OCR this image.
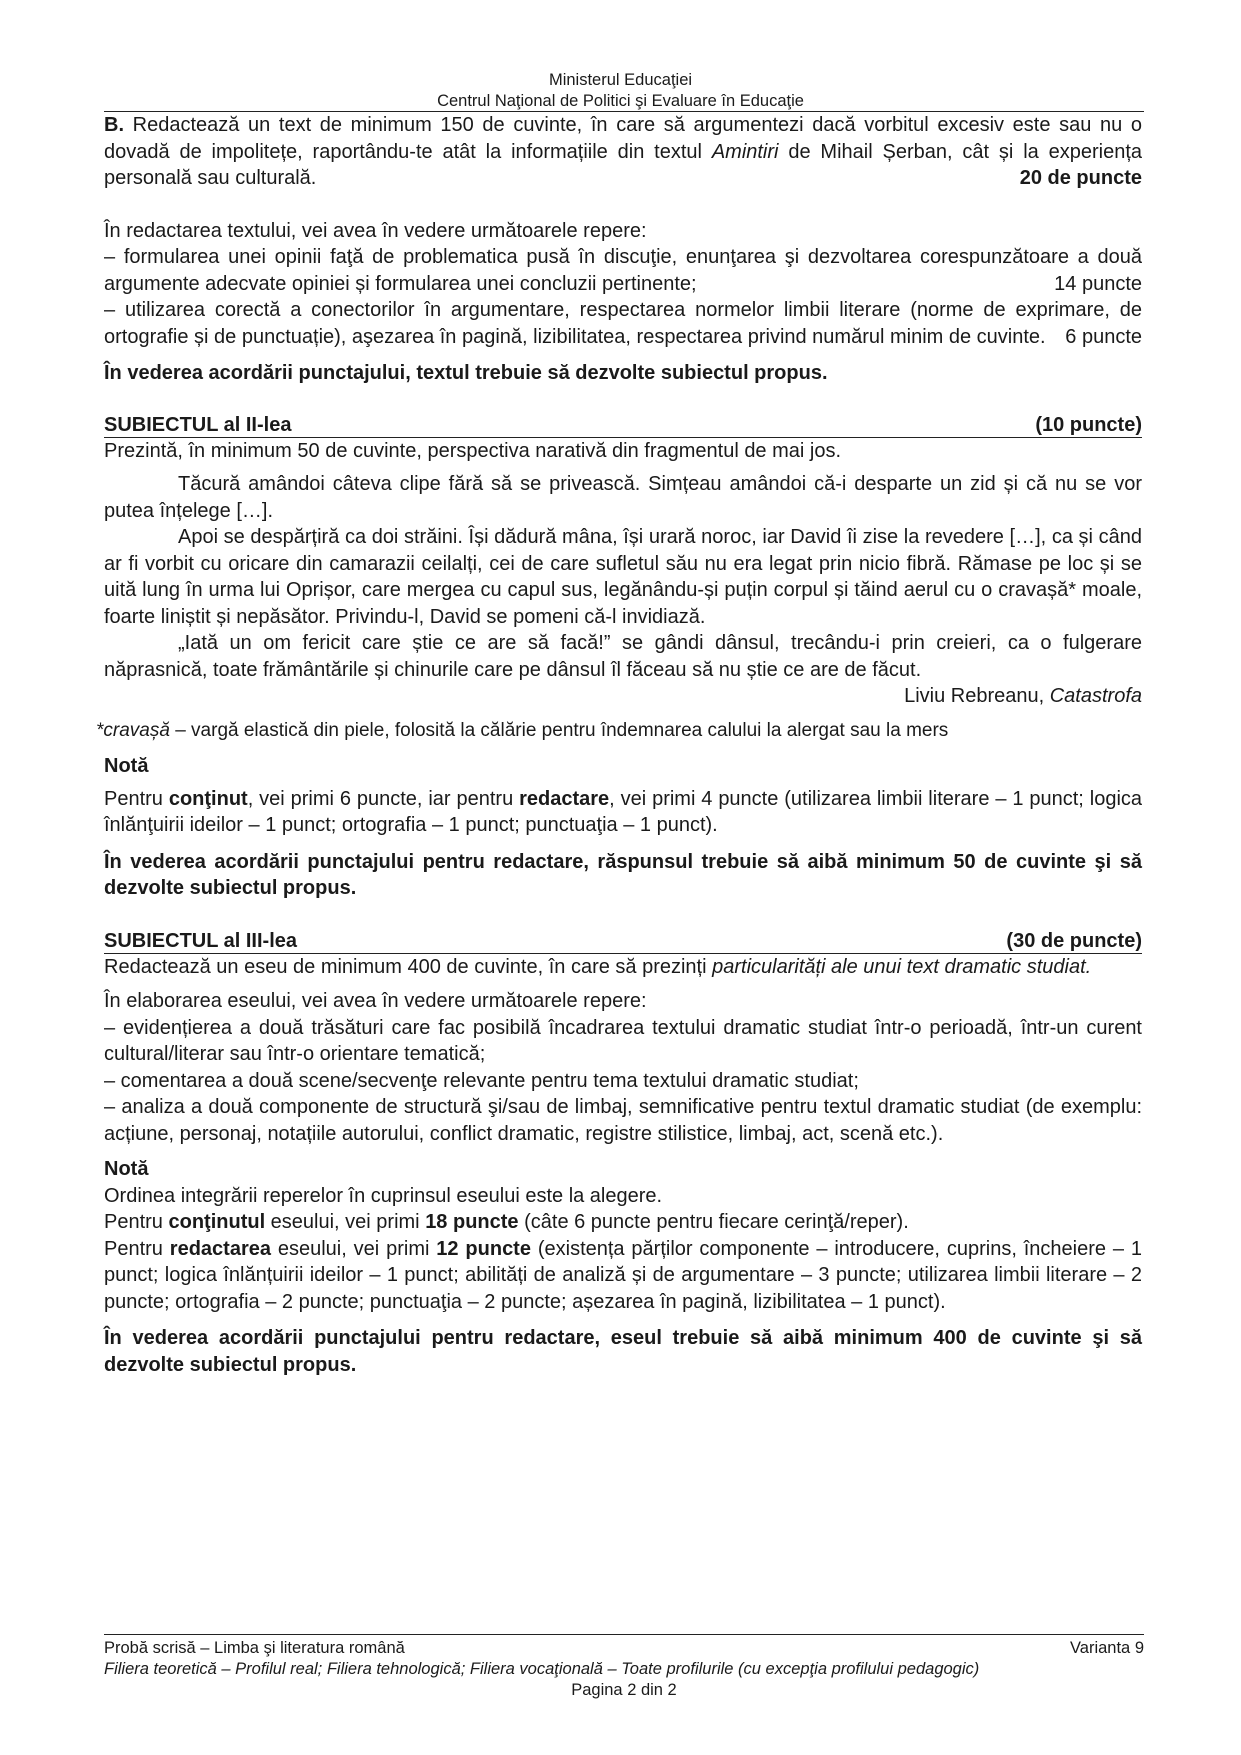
Ministerul Educaţiei
Centrul Naţional de Politici şi Evaluare în Educaţie

B. Redactează un text de minimum 150 de cuvinte, în care să argumentezi dacă vorbitul excesiv este sau nu o dovadă de impolitețe, raportându-te atât la informațiile din textul Amintiri de Mihail Șerban, cât și la experiența personală sau culturală.	20 de puncte

În redactarea textului, vei avea în vedere următoarele repere:

– formularea unei opinii faţă de problematica pusă în discuţie, enunţarea şi dezvoltarea corespunzătoare a două argumente adecvate opiniei și formularea unei concluzii pertinente;	14 puncte

– utilizarea corectă a conectorilor în argumentare, respectarea normelor limbii literare (norme de exprimare, de ortografie și de punctuație), aşezarea în pagină, lizibilitatea, respectarea privind numărul minim de cuvinte. 6 puncte

În vederea acordării punctajului, textul trebuie să dezvolte subiectul propus.

SUBIECTUL al II-lea	(10 puncte)

Prezintă, în minimum 50 de cuvinte, perspectiva narativă din fragmentul de mai jos.

Tăcură amândoi câteva clipe fără să se privească. Simțeau amândoi că-i desparte un zid și că nu se vor putea înțelege […].

Apoi se despărțiră ca doi străini. Își dădură mâna, își urară noroc, iar David îi zise la revedere […], ca și când ar fi vorbit cu oricare din camarazii ceilalți, cei de care sufletul său nu era legat prin nicio fibră. Rămase pe loc și se uită lung în urma lui Oprișor, care mergea cu capul sus, legănându-și puțin corpul și tăind aerul cu o cravașă* moale, foarte liniștit și nepăsător. Privindu-l, David se pomeni că-l invidiază.

„Iată un om fericit care știe ce are să facă!” se gândi dânsul, trecându-i prin creieri, ca o fulgerare năprasnică, toate frământările și chinurile care pe dânsul îl făceau să nu știe ce are de făcut.

Liviu Rebreanu, Catastrofa

*cravașă – vargă elastică din piele, folosită la călărie pentru îndemnarea calului la alergat sau la mers

Notă

Pentru conţinut, vei primi 6 puncte, iar pentru redactare, vei primi 4 puncte (utilizarea limbii literare – 1 punct; logica înlănţuirii ideilor – 1 punct; ortografia – 1 punct; punctuaţia – 1 punct).

În vederea acordării punctajului pentru redactare, răspunsul trebuie să aibă minimum 50 de cuvinte şi să dezvolte subiectul propus.

SUBIECTUL al III-lea	(30 de puncte)

Redactează un eseu de minimum 400 de cuvinte, în care să prezinți particularități ale unui text dramatic studiat.

În elaborarea eseului, vei avea în vedere următoarele repere:

– evidențierea a două trăsături care fac posibilă încadrarea textului dramatic studiat într-o perioadă, într-un curent cultural/literar sau într-o orientare tematică;

– comentarea a două scene/secvenţe relevante pentru tema textului dramatic studiat;

– analiza a două componente de structură şi/sau de limbaj, semnificative pentru textul dramatic studiat (de exemplu: acțiune, personaj, notațiile autorului, conflict dramatic, registre stilistice, limbaj, act, scenă etc.).

Notă

Ordinea integrării reperelor în cuprinsul eseului este la alegere.

Pentru conţinutul eseului, vei primi 18 puncte (câte 6 puncte pentru fiecare cerinţă/reper).

Pentru redactarea eseului, vei primi 12 puncte (existența părților componente – introducere, cuprins, încheiere – 1 punct; logica înlănțuirii ideilor – 1 punct; abilități de analiză și de argumentare – 3 puncte; utilizarea limbii literare – 2 puncte; ortografia – 2 puncte; punctuaţia – 2 puncte; așezarea în pagină, lizibilitatea – 1 punct).

În vederea acordării punctajului pentru redactare, eseul trebuie să aibă minimum 400 de cuvinte şi să dezvolte subiectul propus.

Probă scrisă – Limba şi literatura română	Varianta 9
Filiera teoretică – Profilul real; Filiera tehnologică; Filiera vocaţională – Toate profilurile (cu excepţia profilului pedagogic)
Pagina 2 din 2
